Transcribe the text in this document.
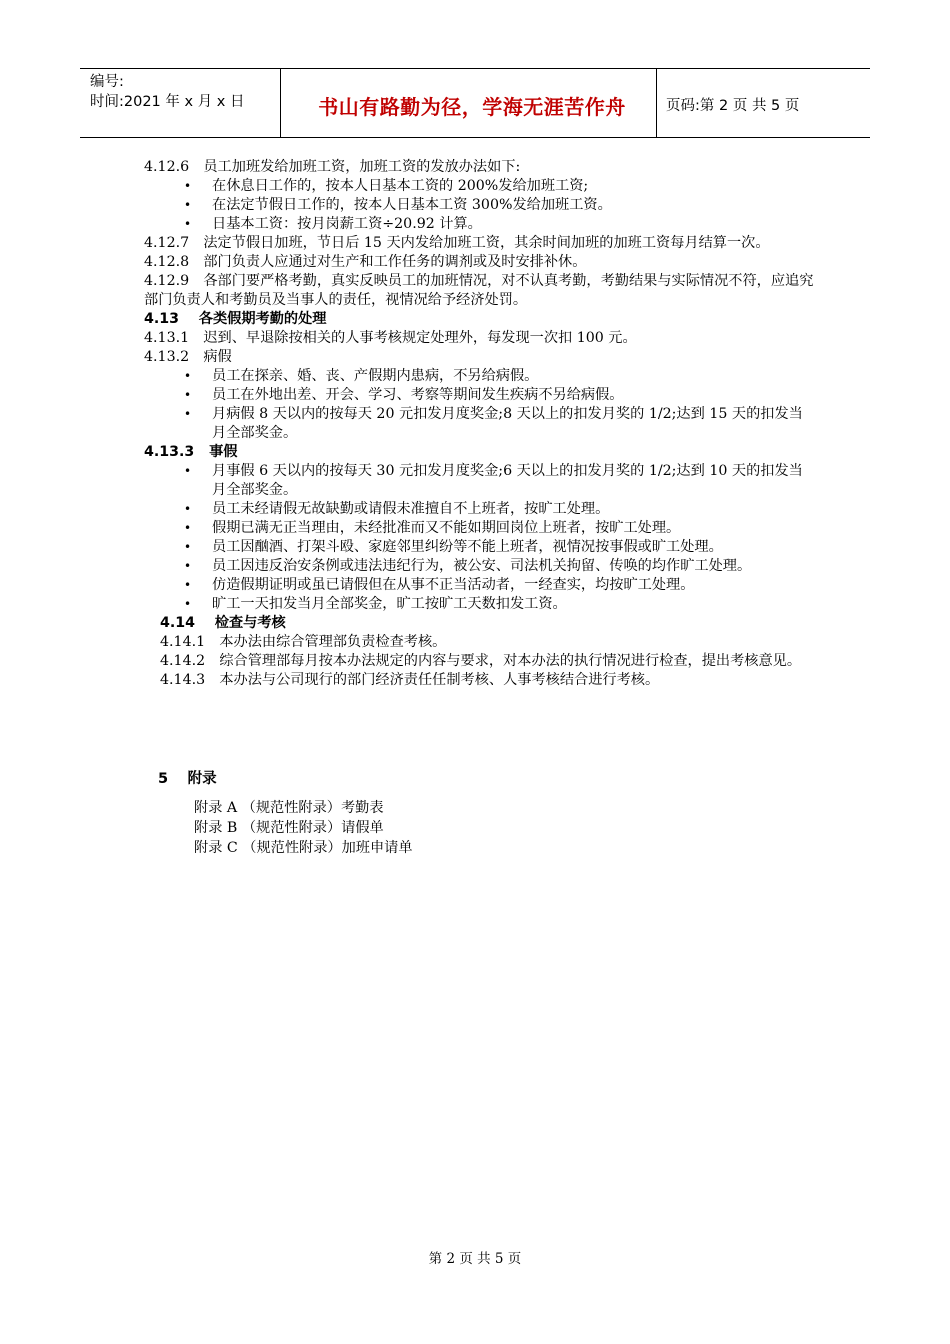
编号:
时间:2021 年 x 月 x 日	书山有路勤为径，学海无涯苦作舟	页码:第 2 页 共 5 页
4.12.6　员工加班发给加班工资，加班工资的发放办法如下:
• 在休息日工作的，按本人日基本工资的 200%发给加班工资;
• 在法定节假日工作的，按本人日基本工资 300%发给加班工资。
• 日基本工资：按月岗薪工资÷20.92 计算。
4.12.7　法定节假日加班，节日后 15 天内发给加班工资，其余时间加班的加班工资每月结算一次。
4.12.8　部门负责人应通过对生产和工作任务的调剂或及时安排补休。
4.12.9　各部门要严格考勤，真实反映员工的加班情况，对不认真考勤，考勤结果与实际情况不符，应追究部门负责人和考勤员及当事人的责任，视情况给予经济处罚。
4.13 各类假期考勤的处理
4.13.1　迟到、早退除按相关的人事考核规定处理外，每发现一次扣 100 元。
4.13.2　病假
• 员工在探亲、婚、丧、产假期内患病，不另给病假。
• 员工在外地出差、开会、学习、考察等期间发生疾病不另给病假。
• 月病假 8 天以内的按每天 20 元扣发月度奖金;8 天以上的扣发月奖的 1/2;达到 15 天的扣发当月全部奖金。
4.13.3 事假
• 月事假 6 天以内的按每天 30 元扣发月度奖金;6 天以上的扣发月奖的 1/2;达到 10 天的扣发当月全部奖金。
• 员工未经请假无故缺勤或请假未准擅自不上班者，按旷工处理。
• 假期已满无正当理由，未经批准而又不能如期回岗位上班者，按旷工处理。
• 员工因酗酒、打架斗殴、家庭邻里纠纷等不能上班者，视情况按事假或旷工处理。
• 员工因违反治安条例或违法违纪行为，被公安、司法机关拘留、传唤的均作旷工处理。
• 仿造假期证明或虽已请假但在从事不正当活动者，一经查实，均按旷工处理。
• 旷工一天扣发当月全部奖金，旷工按旷工天数扣发工资。
4.14 检查与考核
4.14.1　本办法由综合管理部负责检查考核。
4.14.2　综合管理部每月按本办法规定的内容与要求，对本办法的执行情况进行检查，提出考核意见。
4.14.3　本办法与公司现行的部门经济责任任制考核、人事考核结合进行考核。
5　 附录
附录 A （规范性附录）考勤表
附录 B （规范性附录）请假单
附录 C （规范性附录）加班申请单
第 2 页 共 5 页
